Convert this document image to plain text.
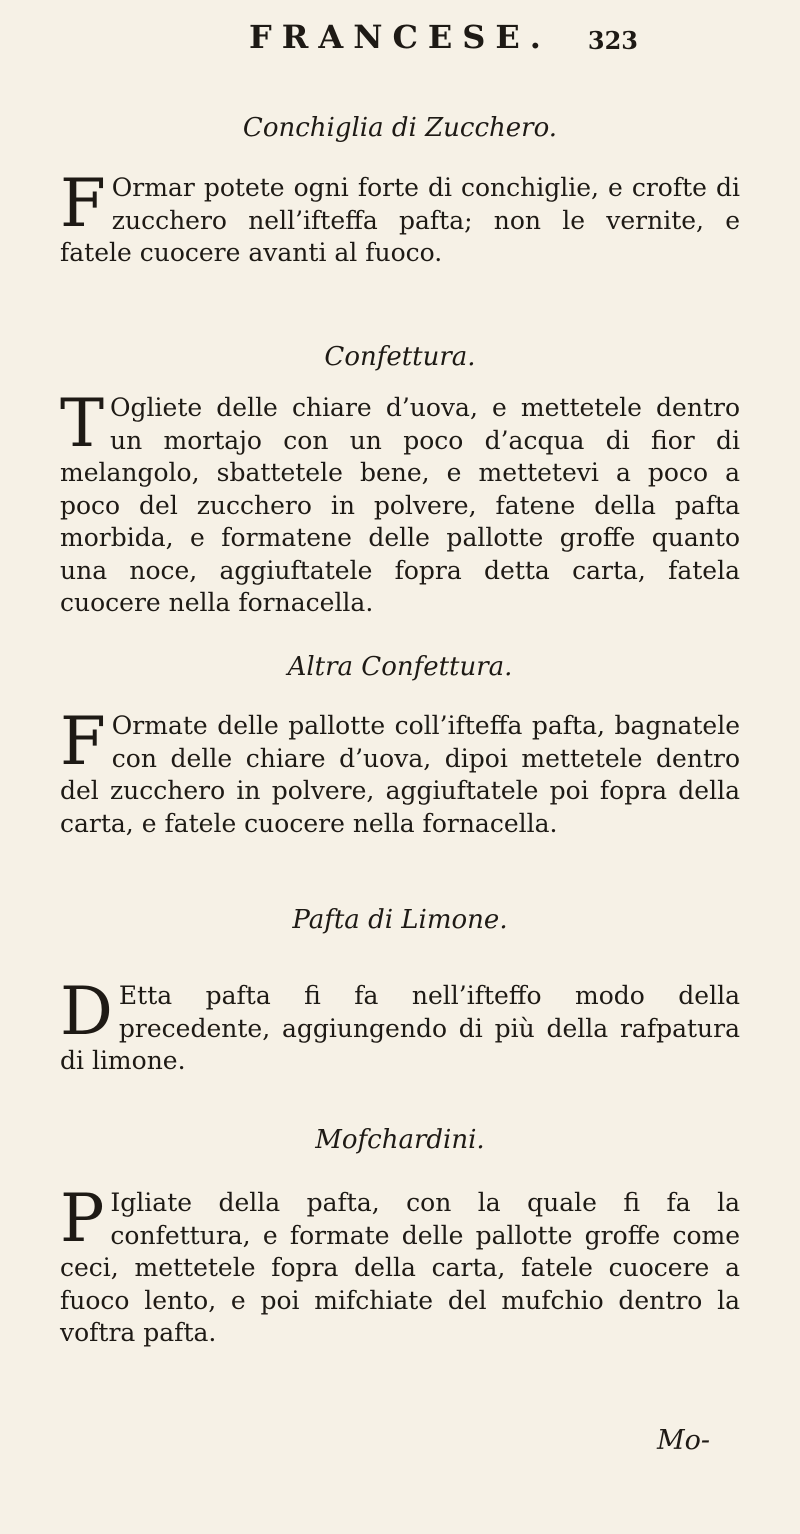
FRANCESE.	323
Conchiglia di Zucchero.
F Ormar potete ogni forte di conchiglie, e crofte di zucchero nell’ifteffa pafta; non le vernite, e fatele cuocere avanti al fuoco.
Confettura.
T Ogliete delle chiare d’uova, e mettetele dentro un mortajo con un poco d’acqua di fior di melangolo, sbattetele bene, e mettetevi a poco a poco del zucchero in polvere, fatene della pafta morbida, e formatene delle pallotte groffe quanto una noce, aggiuftatele fopra detta carta, fatela cuocere nella fornacella.
Altra Confettura.
F Ormate delle pallotte coll’ifteffa pafta, bagnatele con delle chiare d’uova, dipoi mettetele dentro del zucchero in polvere, aggiuftatele poi fopra della carta, e fatele cuocere nella fornacella.
Pafta di Limone.
D Etta pafta fi fa nell’ifteffo modo della precedente, aggiungendo di più della rafpatura di limone.
Mofchardini.
P Igliate della pafta, con la quale fi fa la confettura, e formate delle pallotte groffe come ceci, mettetele fopra della carta, fatele cuocere a fuoco lento, e poi mifchiate del mufchio dentro la voftra pafta.
Mo-
